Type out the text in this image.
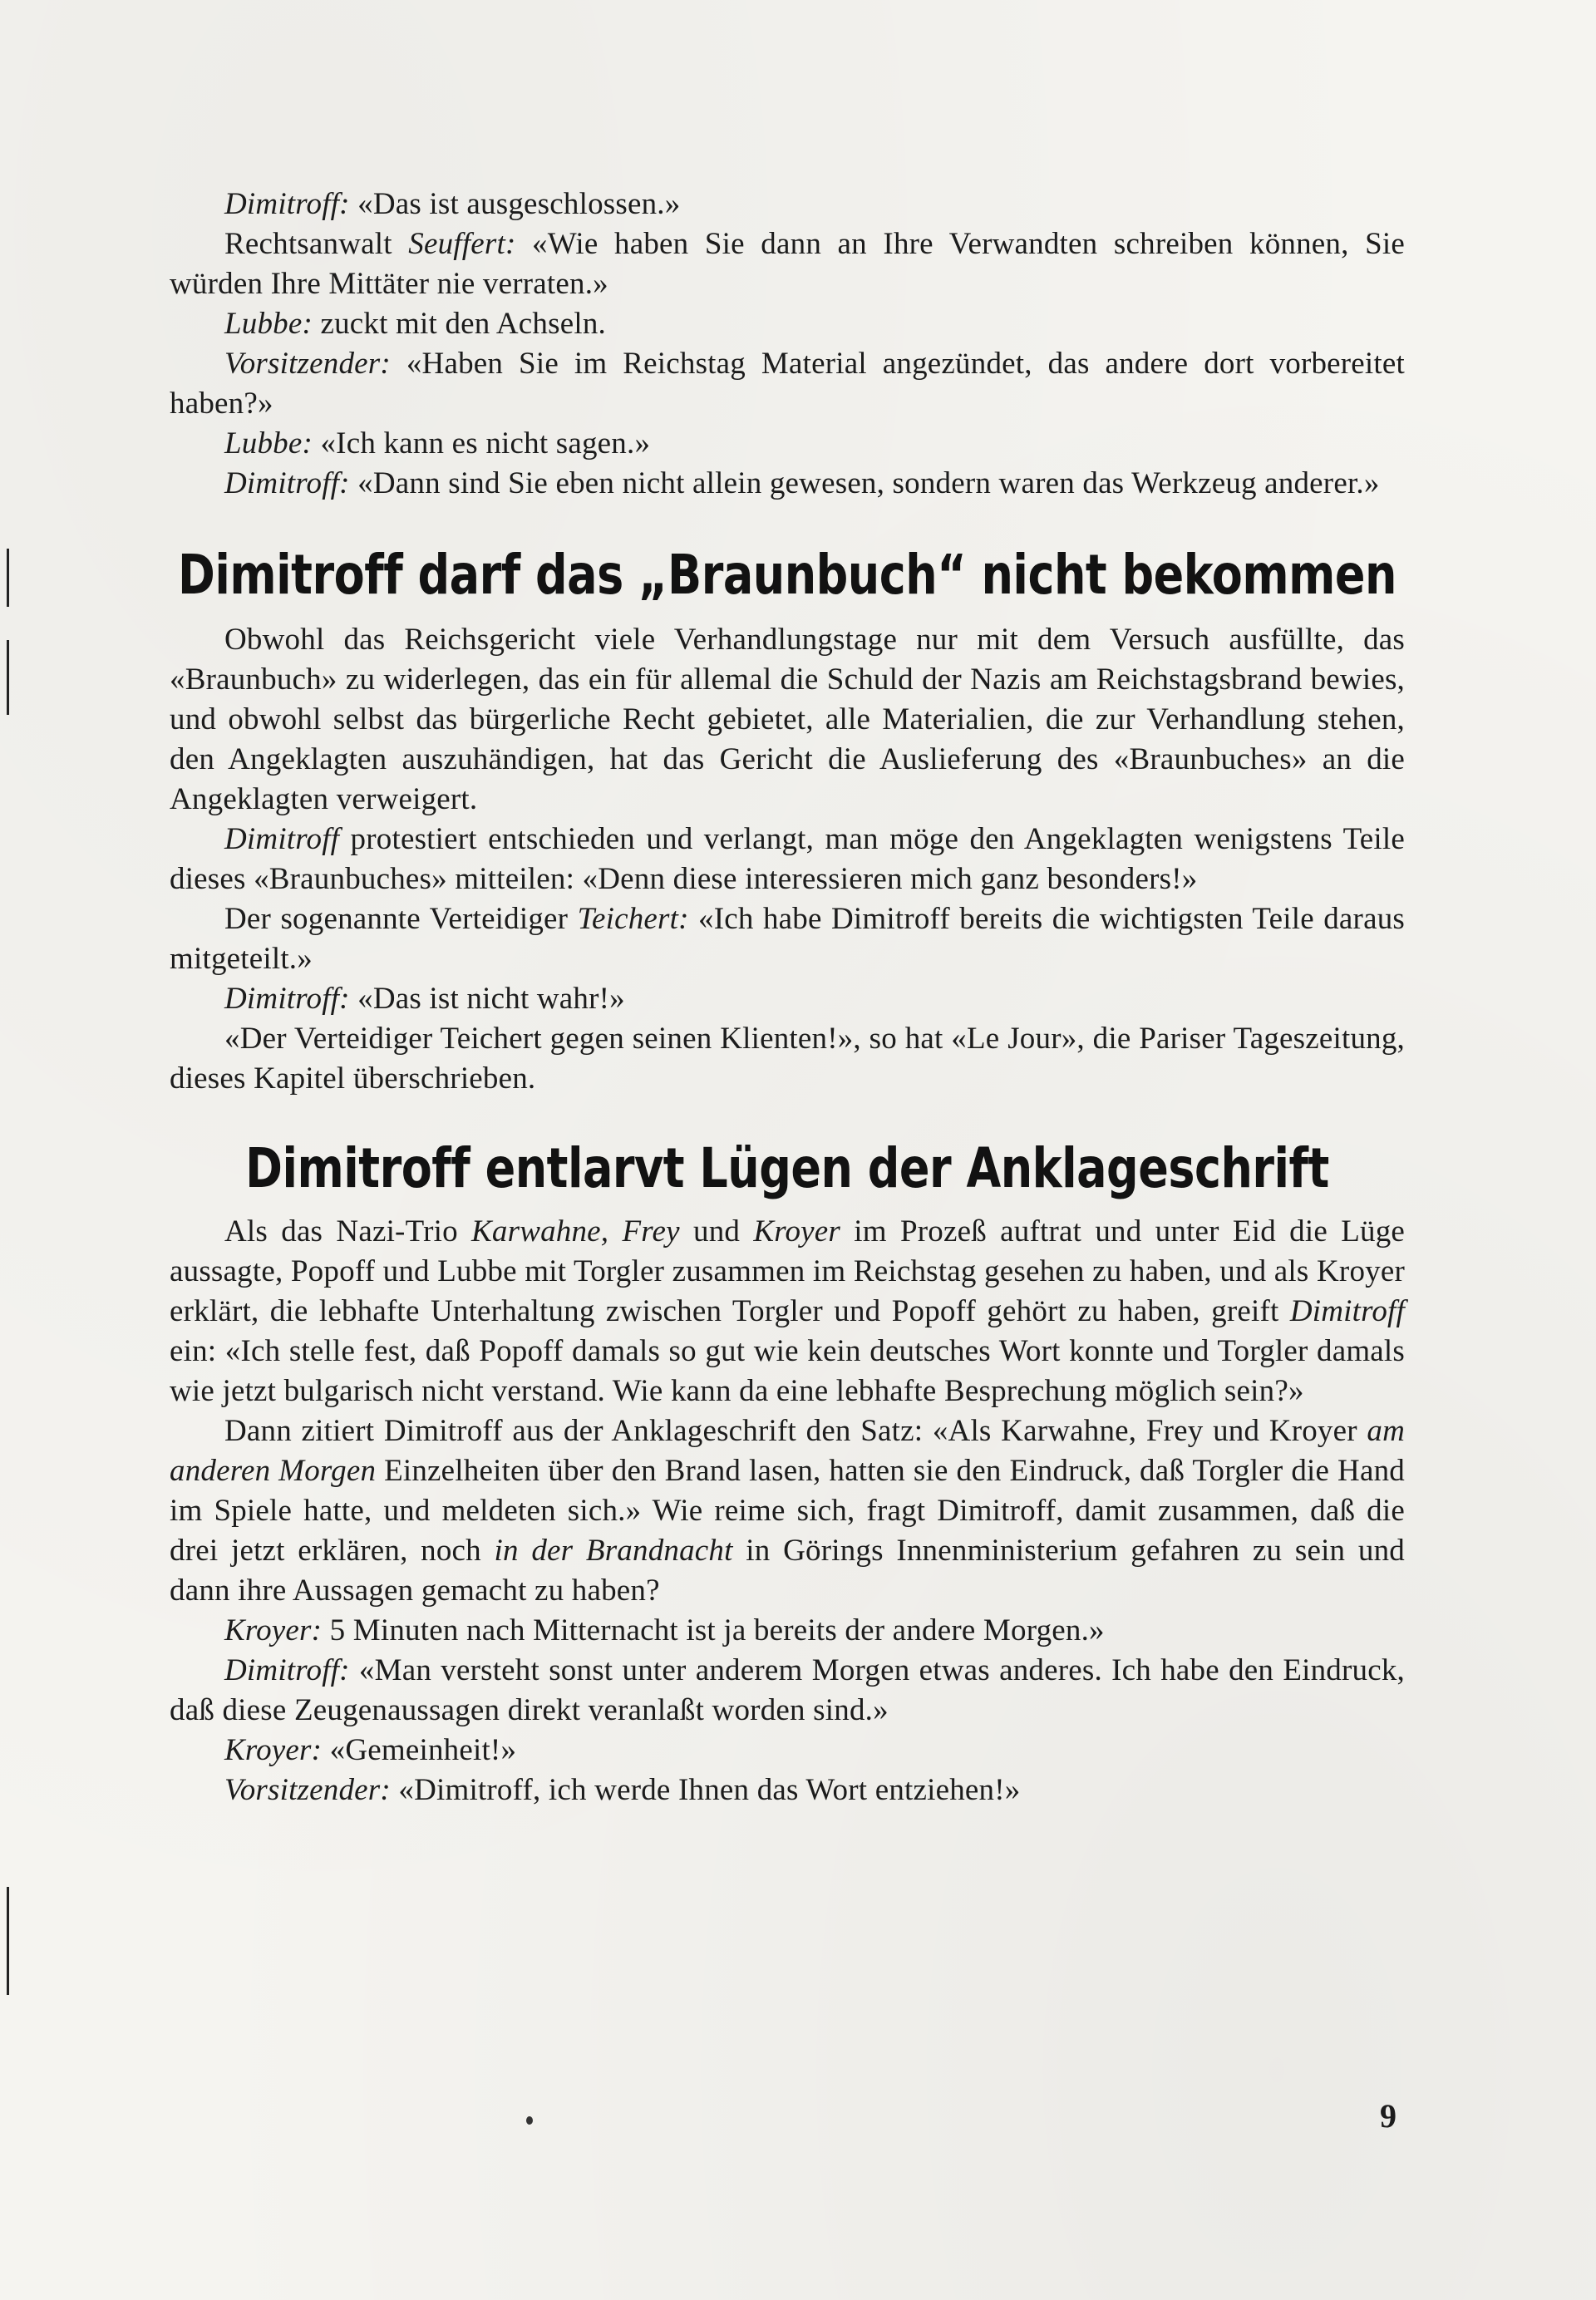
Dimitroff: «Das ist ausgeschlossen.»

Rechtsanwalt Seuffert: «Wie haben Sie dann an Ihre Verwandten schreiben können, Sie würden Ihre Mittäter nie verraten.»

Lubbe: zuckt mit den Achseln.

Vorsitzender: «Haben Sie im Reichstag Material angezündet, das andere dort vorbereitet haben?»

Lubbe: «Ich kann es nicht sagen.»

Dimitroff: «Dann sind Sie eben nicht allein gewesen, sondern waren das Werkzeug anderer.»

Dimitroff darf das „Braunbuch“ nicht bekommen

Obwohl das Reichsgericht viele Verhandlungstage nur mit dem Versuch ausfüllte, das «Braunbuch» zu widerlegen, das ein für allemal die Schuld der Nazis am Reichstagsbrand bewies, und obwohl selbst das bürgerliche Recht gebietet, alle Materialien, die zur Verhandlung stehen, den Angeklagten auszuhändigen, hat das Gericht die Auslieferung des «Braunbuches» an die Angeklagten verweigert.

Dimitroff protestiert entschieden und verlangt, man möge den Angeklagten wenigstens Teile dieses «Braunbuches» mitteilen: «Denn diese interessieren mich ganz besonders!»

Der sogenannte Verteidiger Teichert: «Ich habe Dimitroff bereits die wichtigsten Teile daraus mitgeteilt.»

Dimitroff: «Das ist nicht wahr!»

«Der Verteidiger Teichert gegen seinen Klienten!», so hat «Le Jour», die Pariser Tageszeitung, dieses Kapitel überschrieben.

Dimitroff entlarvt Lügen der Anklageschrift

Als das Nazi-Trio Karwahne, Frey und Kroyer im Prozeß auftrat und unter Eid die Lüge aussagte, Popoff und Lubbe mit Torgler zusammen im Reichstag gesehen zu haben, und als Kroyer erklärt, die lebhafte Unterhaltung zwischen Torgler und Popoff gehört zu haben, greift Dimitroff ein: «Ich stelle fest, daß Popoff damals so gut wie kein deutsches Wort konnte und Torgler damals wie jetzt bulgarisch nicht verstand. Wie kann da eine lebhafte Besprechung möglich sein?»

Dann zitiert Dimitroff aus der Anklageschrift den Satz: «Als Karwahne, Frey und Kroyer am anderen Morgen Einzelheiten über den Brand lasen, hatten sie den Eindruck, daß Torgler die Hand im Spiele hatte, und meldeten sich.» Wie reime sich, fragt Dimitroff, damit zusammen, daß die drei jetzt erklären, noch in der Brandnacht in Görings Innenministerium gefahren zu sein und dann ihre Aussagen gemacht zu haben?

Kroyer: 5 Minuten nach Mitternacht ist ja bereits der andere Morgen.»

Dimitroff: «Man versteht sonst unter anderem Morgen etwas anderes. Ich habe den Eindruck, daß diese Zeugenaussagen direkt veranlaßt worden sind.»

Kroyer: «Gemeinheit!»

Vorsitzender: «Dimitroff, ich werde Ihnen das Wort entziehen!»

9
